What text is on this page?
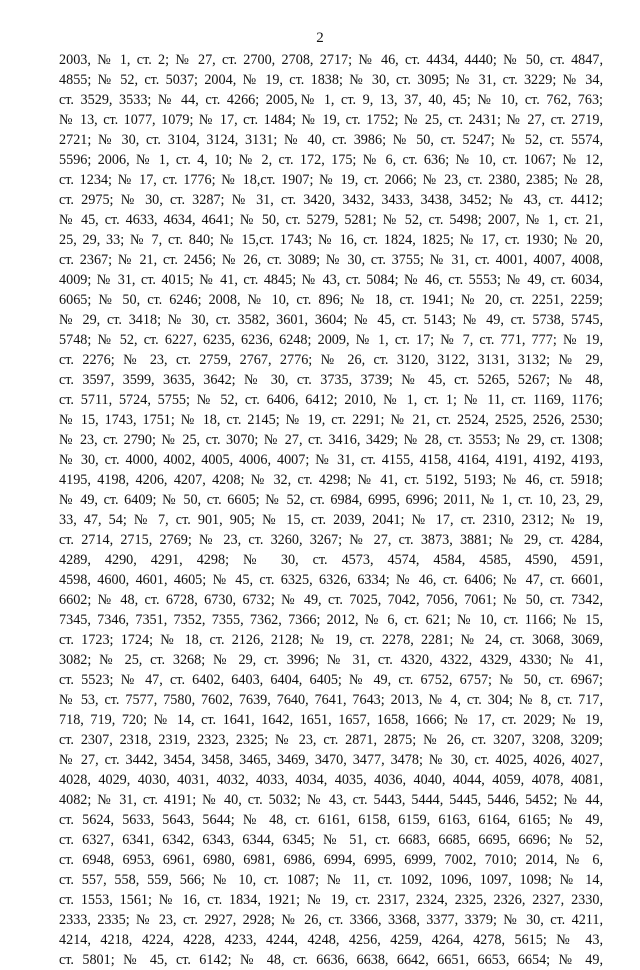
2
2003, № 1, ст. 2; № 27, ст. 2700, 2708, 2717; № 46, ст. 4434, 4440; № 50, ст. 4847,
4855; № 52, ст. 5037; 2004, № 19, ст. 1838; № 30, ст. 3095; № 31, ст. 3229; № 34,
ст. 3529, 3533; № 44, ст. 4266; 2005,№ 1, ст. 9, 13, 37, 40, 45; № 10, ст. 762, 763;
№ 13, ст. 1077, 1079; № 17, ст. 1484; № 19, ст. 1752; № 25, ст. 2431; № 27, ст. 2719,
2721; № 30, ст. 3104, 3124, 3131; № 40, ст. 3986; № 50, ст. 5247; № 52, ст. 5574,
5596; 2006, № 1, ст. 4, 10; № 2, ст. 172, 175; № 6, ст. 636; № 10, ст. 1067; № 12,
ст. 1234; № 17, ст. 1776; № 18,ст. 1907; № 19, ст. 2066; № 23, ст. 2380, 2385; № 28,
ст. 2975; № 30, ст. 3287; № 31, ст. 3420, 3432, 3433, 3438, 3452; № 43, ст. 4412;
№ 45, ст. 4633, 4634, 4641; № 50, ст. 5279, 5281; № 52, ст. 5498; 2007, № 1, ст. 21,
25, 29, 33; № 7, ст. 840; № 15,ст. 1743; № 16, ст. 1824, 1825; № 17, ст. 1930; № 20,
ст. 2367; № 21, ст. 2456; № 26, ст. 3089; № 30, ст. 3755; № 31, ст. 4001, 4007, 4008,
4009; № 31, ст. 4015; № 41, ст. 4845; № 43, ст. 5084; № 46, ст. 5553; № 49, ст. 6034,
6065; № 50, ст. 6246; 2008, № 10, ст. 896; № 18, ст. 1941; № 20, ст. 2251, 2259;
№ 29, ст. 3418; № 30, ст. 3582, 3601, 3604; № 45, ст. 5143; № 49, ст. 5738, 5745,
5748; № 52, ст. 6227, 6235, 6236, 6248; 2009, № 1, ст. 17; № 7, ст. 771, 777; № 19,
ст. 2276; № 23, ст. 2759, 2767, 2776; № 26, ст. 3120, 3122, 3131, 3132; № 29,
ст. 3597, 3599, 3635, 3642; № 30, ст. 3735, 3739; № 45, ст. 5265, 5267; № 48,
ст. 5711, 5724, 5755; № 52, ст. 6406, 6412; 2010, № 1, ст. 1; № 11, ст. 1169, 1176;
№ 15, 1743, 1751; № 18, ст. 2145; № 19, ст. 2291; № 21, ст. 2524, 2525, 2526, 2530;
№ 23, ст. 2790; № 25, ст. 3070; № 27, ст. 3416, 3429; № 28, ст. 3553; № 29, ст. 1308;
№ 30, ст. 4000, 4002, 4005, 4006, 4007; № 31, ст. 4155, 4158, 4164, 4191, 4192, 4193,
4195, 4198, 4206, 4207, 4208; № 32, ст. 4298; № 41, ст. 5192, 5193; № 46, ст. 5918;
№ 49, ст. 6409; № 50, ст. 6605; № 52, ст. 6984, 6995, 6996; 2011, № 1, ст. 10, 23, 29,
33, 47, 54; № 7, ст. 901, 905; № 15, ст. 2039, 2041; № 17, ст. 2310, 2312; № 19,
ст. 2714, 2715, 2769; № 23, ст. 3260, 3267; № 27, ст. 3873, 3881; № 29, ст. 4284,
4289, 4290, 4291, 4298; № 30, ст. 4573, 4574, 4584, 4585, 4590, 4591,
4598, 4600, 4601, 4605; № 45, ст. 6325, 6326, 6334; № 46, ст. 6406; № 47, ст. 6601,
6602; № 48, ст. 6728, 6730, 6732; № 49, ст. 7025, 7042, 7056, 7061; № 50, ст. 7342,
7345, 7346, 7351, 7352, 7355, 7362, 7366; 2012, № 6, ст. 621; № 10, ст. 1166; № 15,
ст. 1723; 1724; № 18, ст. 2126, 2128; № 19, ст. 2278, 2281; № 24, ст. 3068, 3069,
3082; № 25, ст. 3268; № 29, ст. 3996; № 31, ст. 4320, 4322, 4329, 4330; № 41,
ст. 5523; № 47, ст. 6402, 6403, 6404, 6405; № 49, ст. 6752, 6757; № 50, ст. 6967;
№ 53, ст. 7577, 7580, 7602, 7639, 7640, 7641, 7643; 2013, № 4, ст. 304; № 8, ст. 717,
718, 719, 720; № 14, ст. 1641, 1642, 1651, 1657, 1658, 1666; № 17, ст. 2029; № 19,
ст. 2307, 2318, 2319, 2323, 2325; № 23, ст. 2871, 2875; № 26, ст. 3207, 3208, 3209;
№ 27, ст. 3442, 3454, 3458, 3465, 3469, 3470, 3477, 3478; № 30, ст. 4025, 4026, 4027,
4028, 4029, 4030, 4031, 4032, 4033, 4034, 4035, 4036, 4040, 4044, 4059, 4078, 4081,
4082; № 31, ст. 4191; № 40, ст. 5032; № 43, ст. 5443, 5444, 5445, 5446, 5452; № 44,
ст. 5624, 5633, 5643, 5644; № 48, ст. 6161, 6158, 6159, 6163, 6164, 6165; № 49,
ст. 6327, 6341, 6342, 6343, 6344, 6345; № 51, ст. 6683, 6685, 6695, 6696; № 52,
ст. 6948, 6953, 6961, 6980, 6981, 6986, 6994, 6995, 6999, 7002, 7010; 2014, № 6,
ст. 557, 558, 559, 566; № 10, ст. 1087; № 11, ст. 1092, 1096, 1097, 1098; № 14,
ст. 1553, 1561; № 16, ст. 1834, 1921; № 19, ст. 2317, 2324, 2325, 2326, 2327, 2330,
2333, 2335; № 23, ст. 2927, 2928; № 26, ст. 3366, 3368, 3377, 3379; № 30, ст. 4211,
4214, 4218, 4224, 4228, 4233, 4244, 4248, 4256, 4259, 4264, 4278, 5615; № 43,
ст. 5801; № 45, ст. 6142; № 48, ст. 6636, 6638, 6642, 6651, 6653, 6654; № 49,
